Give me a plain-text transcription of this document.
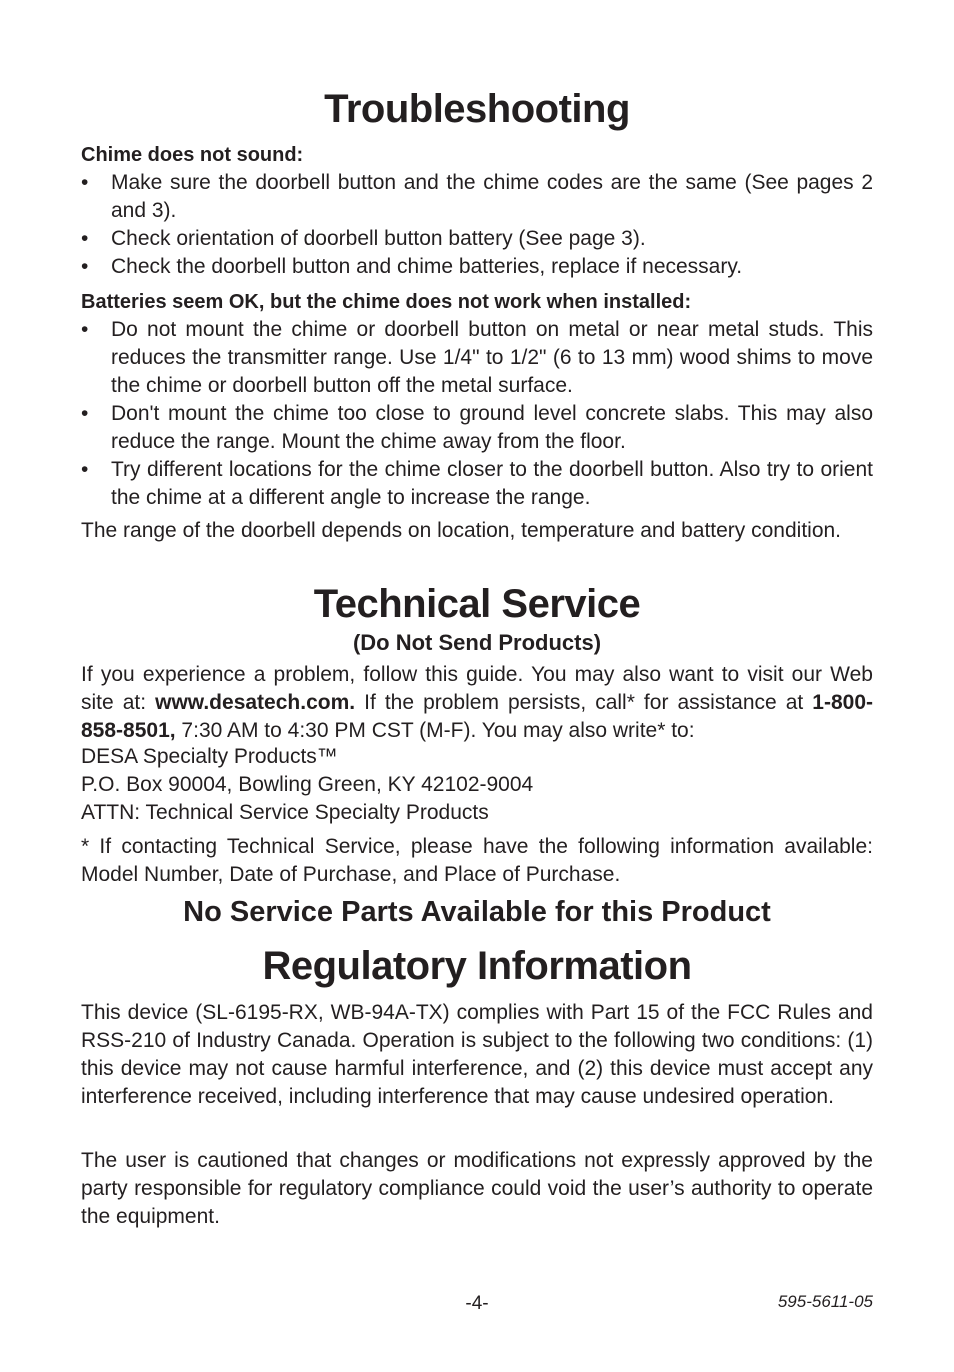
Troubleshooting
Chime does not sound:
• Make sure the doorbell button and the chime codes are the same (See pages 2 and 3).
• Check orientation of doorbell button battery (See page 3).
• Check the doorbell button and chime batteries, replace if necessary.
Batteries seem OK, but the chime does not work when installed:
• Do not mount the chime or doorbell button on metal or near metal studs. This reduces the transmitter range. Use 1/4" to 1/2" (6 to 13 mm) wood shims to move the chime or doorbell button off the metal surface.
• Don't mount the chime too close to ground level concrete slabs. This may also reduce the range. Mount the chime away from the floor.
• Try different locations for the chime closer to the doorbell button. Also try to orient the chime at a different angle to increase the range.

The range of the doorbell depends on location, temperature and battery condition.

Technical Service
(Do Not Send Products)

If you experience a problem, follow this guide. You may also want to visit our Web site at: www.desatech.com. If the problem persists, call* for assistance at 1-800-858-8501, 7:30 AM to 4:30 PM CST (M-F). You may also write* to:

DESA Specialty Products™
P.O. Box 90004, Bowling Green, KY 42102-9004
ATTN: Technical Service Specialty Products

* If contacting Technical Service, please have the following information available: Model Number, Date of Purchase, and Place of Purchase.

No Service Parts Available for this Product
Regulatory Information

This device (SL-6195-RX, WB-94A-TX) complies with Part 15 of the FCC Rules and RSS-210 of Industry Canada. Operation is subject to the following two conditions: (1) this device may not cause harmful interference, and (2) this device must accept any interference received, including interference that may cause undesired operation.

The user is cautioned that changes or modifications not expressly approved by the party responsible for regulatory compliance could void the user’s authority to operate the equipment.

-4-	595-5611-05
